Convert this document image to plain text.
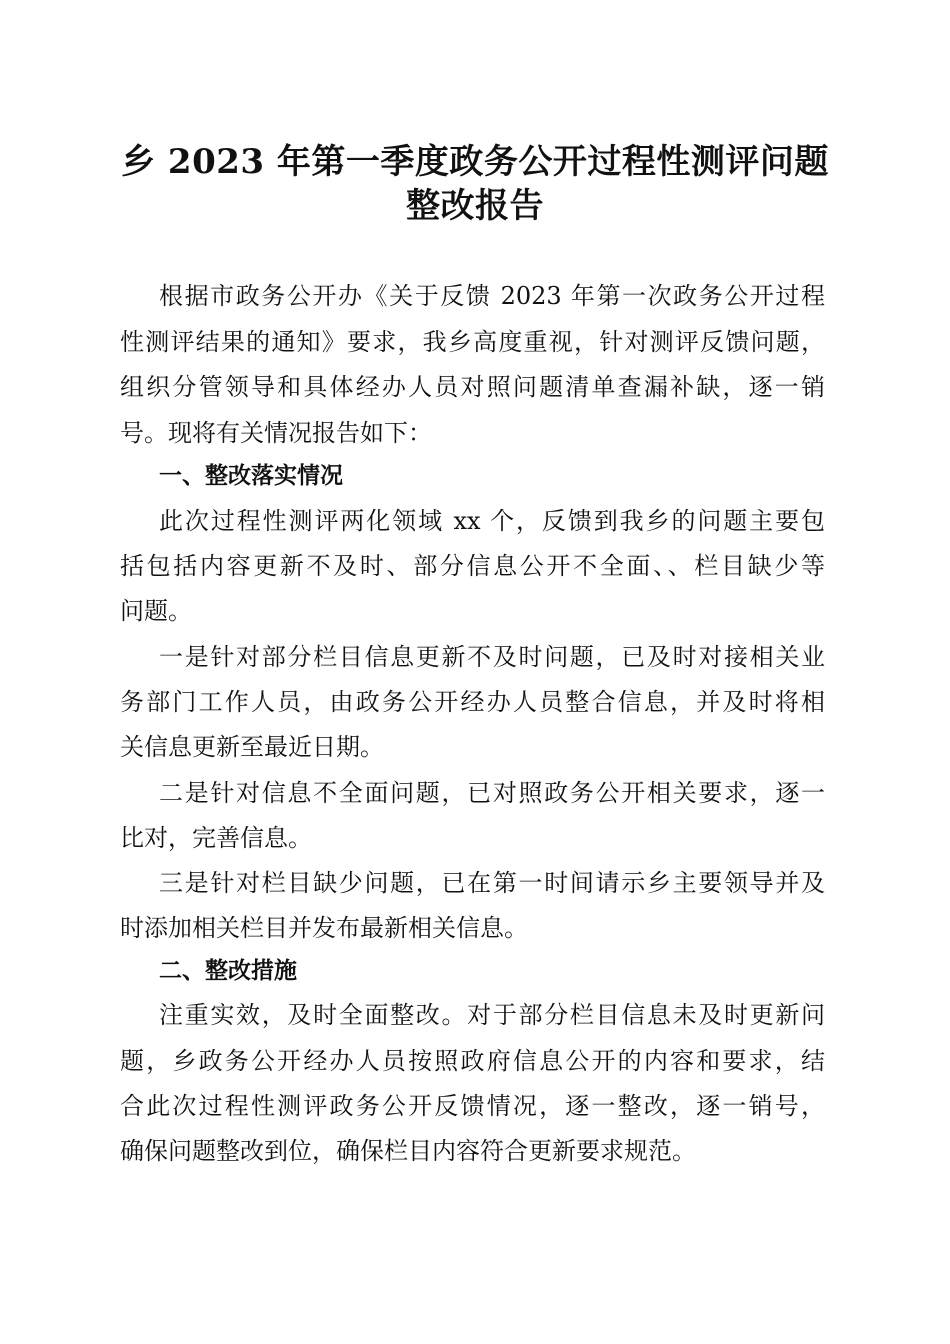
乡 2023 年第一季度政务公开过程性测评问题
整改报告
根据市政务公开办《关于反馈 2023 年第一次政务公开过程
性测评结果的通知》要求，我乡高度重视，针对测评反馈问题，
组织分管领导和具体经办人员对照问题清单查漏补缺，逐一销
号。现将有关情况报告如下：
一、整改落实情况
此次过程性测评两化领域 xx 个，反馈到我乡的问题主要包
括包括内容更新不及时、部分信息公开不全面、、栏目缺少等
问题。
一是针对部分栏目信息更新不及时问题，已及时对接相关业
务部门工作人员，由政务公开经办人员整合信息，并及时将相
关信息更新至最近日期。
二是针对信息不全面问题，已对照政务公开相关要求，逐一
比对，完善信息。
三是针对栏目缺少问题，已在第一时间请示乡主要领导并及
时添加相关栏目并发布最新相关信息。
二、整改措施
注重实效，及时全面整改。对于部分栏目信息未及时更新问
题，乡政务公开经办人员按照政府信息公开的内容和要求，结
合此次过程性测评政务公开反馈情况，逐一整改，逐一销号，
确保问题整改到位，确保栏目内容符合更新要求规范。
